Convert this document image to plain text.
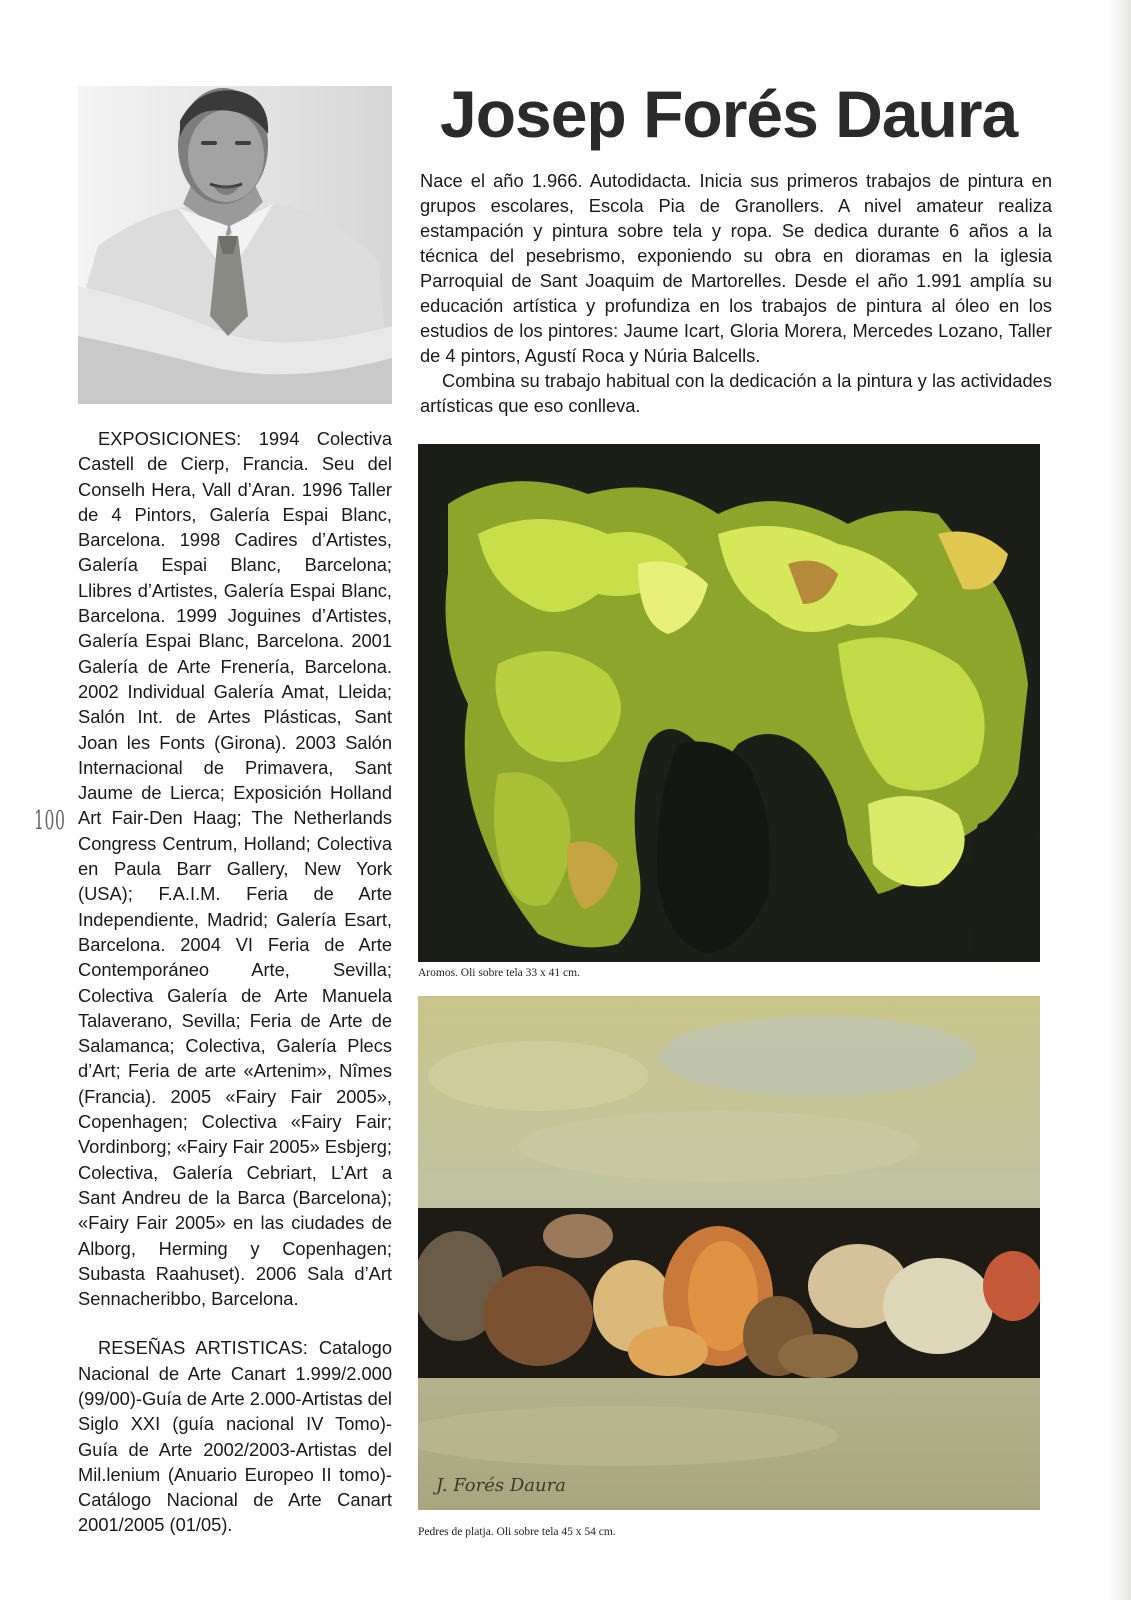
Josep Forés Daura

Nace el año 1.966. Autodidacta. Inicia sus primeros trabajos de pintura en grupos escolares, Escola Pia de Granollers. A nivel amateur realiza estampación y pintura sobre tela y ropa. Se dedica durante 6 años a la técnica del pesebrismo, exponiendo su obra en dioramas en la iglesia Parroquial de Sant Joaquim de Martorelles. Desde el año 1.991 amplía su educación artística y profundiza en los trabajos de pintura al óleo en los estudios de los pintores: Jaume Icart, Gloria Morera, Mercedes Lozano, Taller de 4 pintors, Agustí Roca y Núria Balcells.

Combina su trabajo habitual con la dedicación a la pintura y las actividades artísticas que eso conlleva.

EXPOSICIONES: 1994 Colectiva Castell de Cierp, Francia. Seu del Conselh Hera, Vall d’Aran. 1996 Taller de 4 Pintors, Galería Espai Blanc, Barcelona. 1998 Cadires d’Artistes, Galería Espai Blanc, Barcelona; Llibres d’Artistes, Galería Espai Blanc, Barcelona. 1999 Joguines d’Artistes, Galería Espai Blanc, Barcelona. 2001 Galería de Arte Frenería, Barcelona. 2002 Individual Galería Amat, Lleida; Salón Int. de Artes Plásticas, Sant Joan les Fonts (Girona). 2003 Salón Internacional de Primavera, Sant Jaume de Lierca; Exposición Holland Art Fair-Den Haag; The Netherlands Congress Centrum, Holland; Colectiva en Paula Barr Gallery, New York (USA); F.A.I.M. Feria de Arte Independiente, Madrid; Galería Esart, Barcelona. 2004 VI Feria de Arte Contemporáneo Arte, Sevilla; Colectiva Galería de Arte Manuela Talaverano, Sevilla; Feria de Arte de Salamanca; Colectiva, Galería Plecs d’Art; Feria de arte «Artenim», Nîmes (Francia). 2005 «Fairy Fair 2005», Copenhagen; Colectiva «Fairy Fair; Vordinborg; «Fairy Fair 2005» Esbjerg; Colectiva, Galería Cebriart, L’Art a Sant Andreu de la Barca (Barcelona); «Fairy Fair 2005» en las ciudades de Alborg, Herming y Copenhagen; Subasta Raahuset). 2006 Sala d’Art Sennacheribbo, Barcelona.

RESEÑAS ARTISTICAS: Catalogo Nacional de Arte Canart 1.999/2.000 (99/00)-Guía de Arte 2.000-Artistas del Siglo XXI (guía nacional IV Tomo)-Guía de Arte 2002/2003-Artistas del Mil.lenium (Anuario Europeo II tomo)-Catálogo Nacional de Arte Canart 2001/2005 (01/05).

100
Aromos. Oli sobre tela 33 x 41 cm.
J. Forés Daura
Pedres de platja. Oli sobre tela 45 x 54 cm.
